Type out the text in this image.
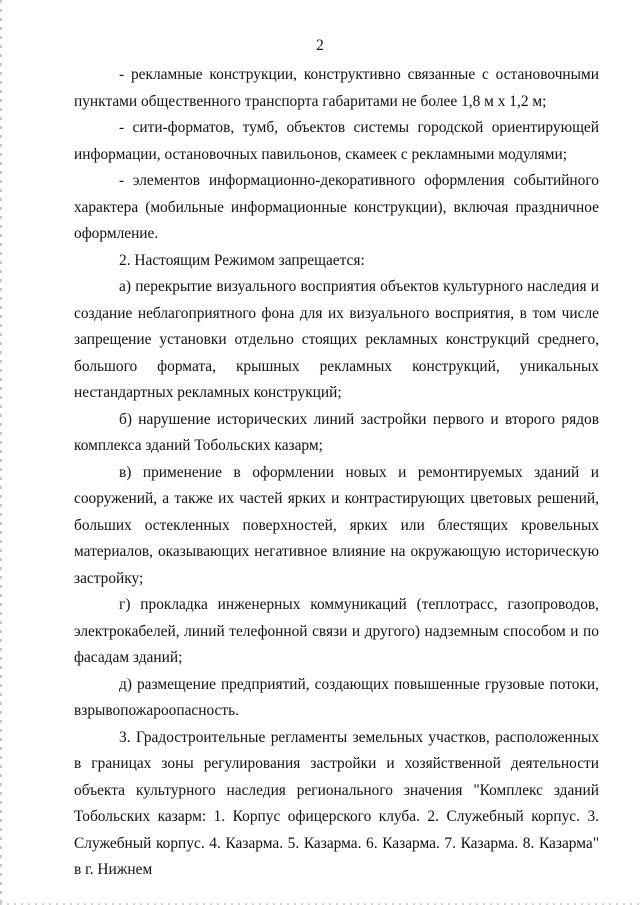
2

- рекламные конструкции, конструктивно связанные с остановочными пунктами общественного транспорта габаритами не более 1,8 м х 1,2 м;

- сити-форматов, тумб, объектов системы городской ориентирующей информации, остановочных павильонов, скамеек с рекламными модулями;

- элементов информационно-декоративного оформления событийного характера (мобильные информационные конструкции), включая праздничное оформление.

2. Настоящим Режимом запрещается:

а) перекрытие визуального восприятия объектов культурного наследия и создание неблагоприятного фона для их визуального восприятия, в том числе запрещение установки отдельно стоящих рекламных конструкций среднего, большого формата, крышных рекламных конструкций, уникальных нестандартных рекламных конструкций;

б) нарушение исторических линий застройки первого и второго рядов комплекса зданий Тобольских казарм;

в) применение в оформлении новых и ремонтируемых зданий и сооружений, а также их частей ярких и контрастирующих цветовых решений, больших остекленных поверхностей, ярких или блестящих кровельных материалов, оказывающих негативное влияние на окружающую историческую застройку;

г) прокладка инженерных коммуникаций (теплотрасс, газопроводов, электрокабелей, линий телефонной связи и другого) надземным способом и по фасадам зданий;

д) размещение предприятий, создающих повышенные грузовые потоки, взрывопожароопасность.

3. Градостроительные регламенты земельных участков, расположенных в границах зоны регулирования застройки и хозяйственной деятельности объекта культурного наследия регионального значения "Комплекс зданий Тобольских казарм: 1. Корпус офицерского клуба. 2. Служебный корпус. 3. Служебный корпус. 4. Казарма. 5. Казарма. 6. Казарма. 7. Казарма. 8. Казарма" в г. Нижнем
